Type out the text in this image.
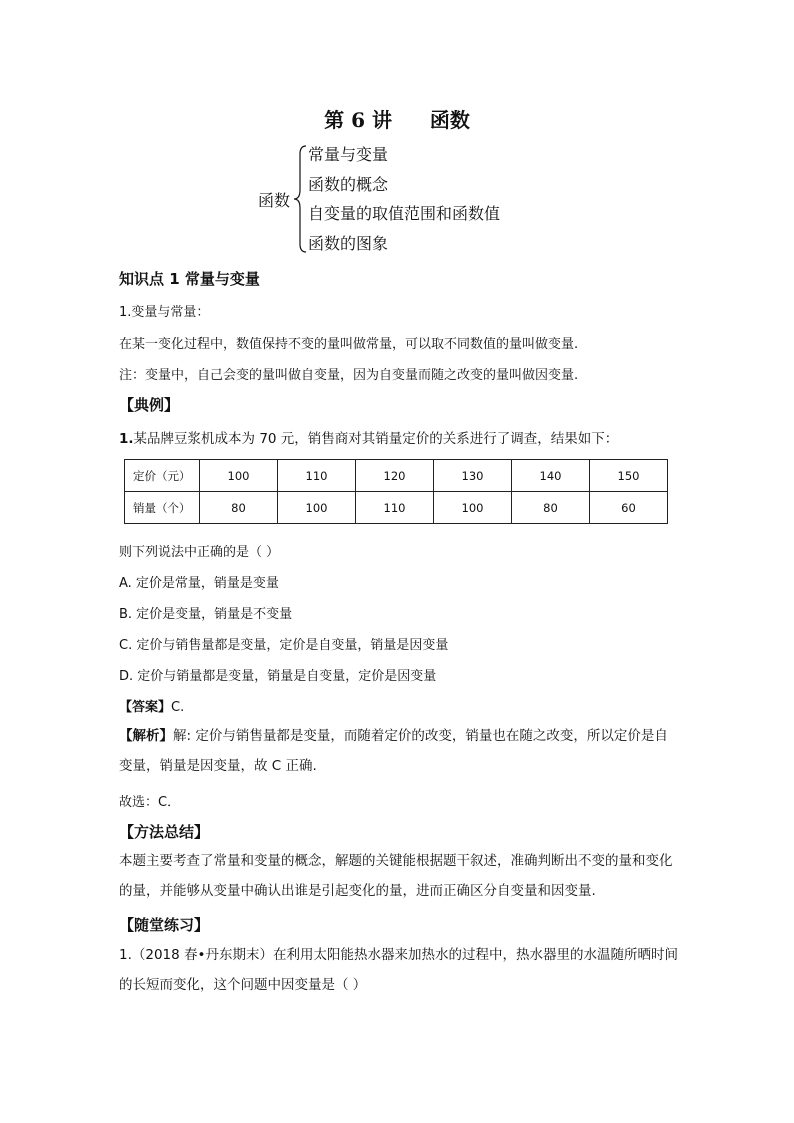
第 6 讲 函数
函数
常量与变量
函数的概念
自变量的取值范围和函数值
函数的图象
知识点 1 常量与变量
1.变量与常量：
在某一变化过程中，数值保持不变的量叫做常量，可以取不同数值的量叫做变量.
注：变量中，自己会变的量叫做自变量，因为自变量而随之改变的量叫做因变量.
【典例】
1.某品牌豆浆机成本为 70 元，销售商对其销量定价的关系进行了调查，结果如下：
定价（元）	100	110	120	130	140	150
销量（个）	80	100	110	100	80	60
则下列说法中正确的是（ ）
A. 定价是常量，销量是变量
B. 定价是变量，销量是不变量
C. 定价与销售量都是变量，定价是自变量，销量是因变量
D. 定价与销量都是变量，销量是自变量，定价是因变量
【答案】C.
【解析】解: 定价与销售量都是变量，而随着定价的改变，销量也在随之改变，所以定价是自变量，销量是因变量，故 C 正确.
故选：C．
【方法总结】
本题主要考查了常量和变量的概念，解题的关键能根据题干叙述，准确判断出不变的量和变化的量，并能够从变量中确认出谁是引起变化的量，进而正确区分自变量和因变量.
【随堂练习】
1.（2018 春•丹东期末）在利用太阳能热水器来加热水的过程中，热水器里的水温随所晒时间的长短而变化，这个问题中因变量是（ ）
